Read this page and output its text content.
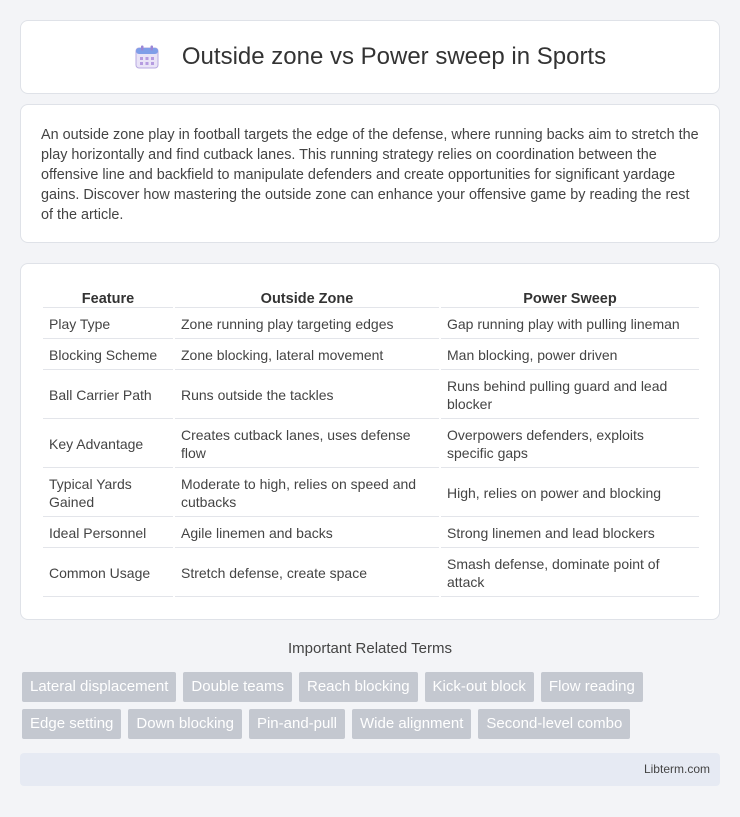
Outside zone vs Power sweep in Sports

An outside zone play in football targets the edge of the defense, where running backs aim to stretch the play horizontally and find cutback lanes. This running strategy relies on coordination between the offensive line and backfield to manipulate defenders and create opportunities for significant yardage gains. Discover how mastering the outside zone can enhance your offensive game by reading the rest of the article.

Feature	Outside Zone	Power Sweep
Play Type	Zone running play targeting edges	Gap running play with pulling lineman
Blocking Scheme	Zone blocking, lateral movement	Man blocking, power driven
Ball Carrier Path	Runs outside the tackles	Runs behind pulling guard and lead blocker
Key Advantage	Creates cutback lanes, uses defense flow	Overpowers defenders, exploits specific gaps
Typical Yards Gained	Moderate to high, relies on speed and cutbacks	High, relies on power and blocking
Ideal Personnel	Agile linemen and backs	Strong linemen and lead blockers
Common Usage	Stretch defense, create space	Smash defense, dominate point of attack
Important Related Terms
Lateral displacement	Double teams	Reach blocking	Kick-out block	Flow reading
Edge setting	Down blocking	Pin-and-pull	Wide alignment	Second-level combo
Libterm.com
